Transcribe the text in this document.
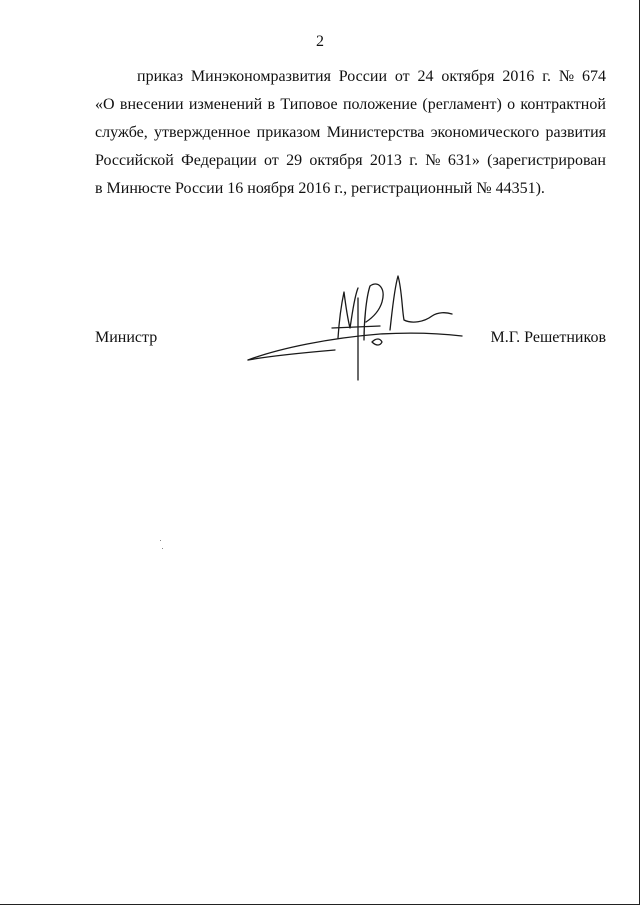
2
приказ Минэкономразвития России от 24 октября 2016 г. № 674
«О внесении изменений в Типовое положение (регламент) о контрактной
службе, утвержденное приказом Министерства экономического развития
Российской Федерации от 29 октября 2013 г. № 631» (зарегистрирован
в Минюсте России 16 ноября 2016 г., регистрационный № 44351).
Министр	М.Г. Решетников
